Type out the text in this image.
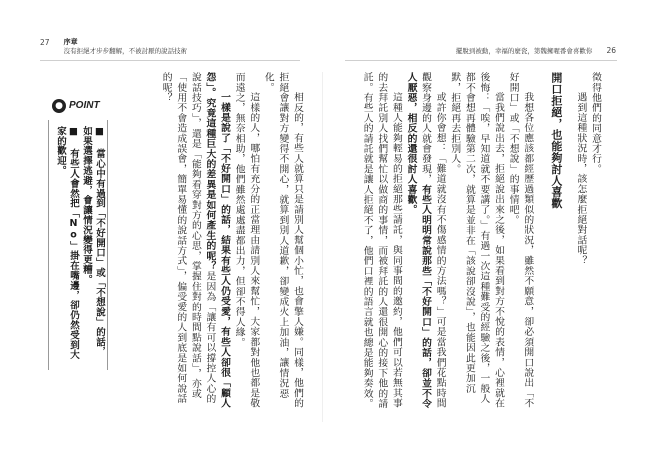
27 序章
沒有拒絕才步步翻解，不被討厭的說話技術	擺脫到被動，幸福的麼瓷，第魏擁喔番會喜歡你 26

徵得他們的同意才行。

遇到這種狀況時，該怎麼拒絕對話呢？

開口拒絕，也能夠討人喜歡

我想各位應該都經歷過類似的狀況，雖然不願意，卻必須開口說出「不好開口」或「不想說」的事情吧。

當我們說出去，拒絕說出來之後，如果看到對方不悅的表情，心裡就在後悔：「唉，早知道就不要講了。」有過一次這種難受的經驗之後，一般人都不會想再體驗第二次，就算是並非在「該說卻沒說」，也能因此更加沉默，拒絕再去拒別人。

或許你會想：「難道就沒有不傷感情的方法嗎？」可是當我們花點時間觀察身邊的人就會發現，有些人明明常說那些「不好開口」的話，卻並不令人厭惡，相反的還很討人喜歡。

這種人能夠輕易的拒絕那些請託，與同事間的邀約，他們可以若無其事的去拜託別人找們幫忙以做商的事情，而被拜託的人還很開心的接下他的請託。有些人的請託就是讓人拒絕不了，他們口裡的語言就也總是能夠奏效。

相反的，有些人就算只是請別人幫個小忙，也會擎人嫌。同樣，他們的拒絕會讓對方變得不開心，就算到別人道歉，卻變成火上加油，讓情況惡化。

這樣的人，哪怕有充分的正當理由請別人來幫忙，大家都對他也都是敬而遠之，無奈相助，他們雖然處處盡都出力，但卻不得人緣。

一樣是說了「不好開口」的話，結果有些人仍受愛，有些人卻很「顧人怨」。究竟這種巨大的差異是如何產生的呢？是因為「讓有可以撐控人心的說話技巧」，還是「能夠看穿對方的心思，掌握住對的時間點說話」，亦或「使用不會造成誤會，簡單易懂的說話方式」，偏受愛的人到底是如何說話的呢？

● POINT

■ 當心中有過到「不好開口」或「不想說」的話，如果選擇逃避，會讓情況變得更糟。

■ 有些人會然把「No」掛在嘴邊，卻仍然受到大家的歡迎。
